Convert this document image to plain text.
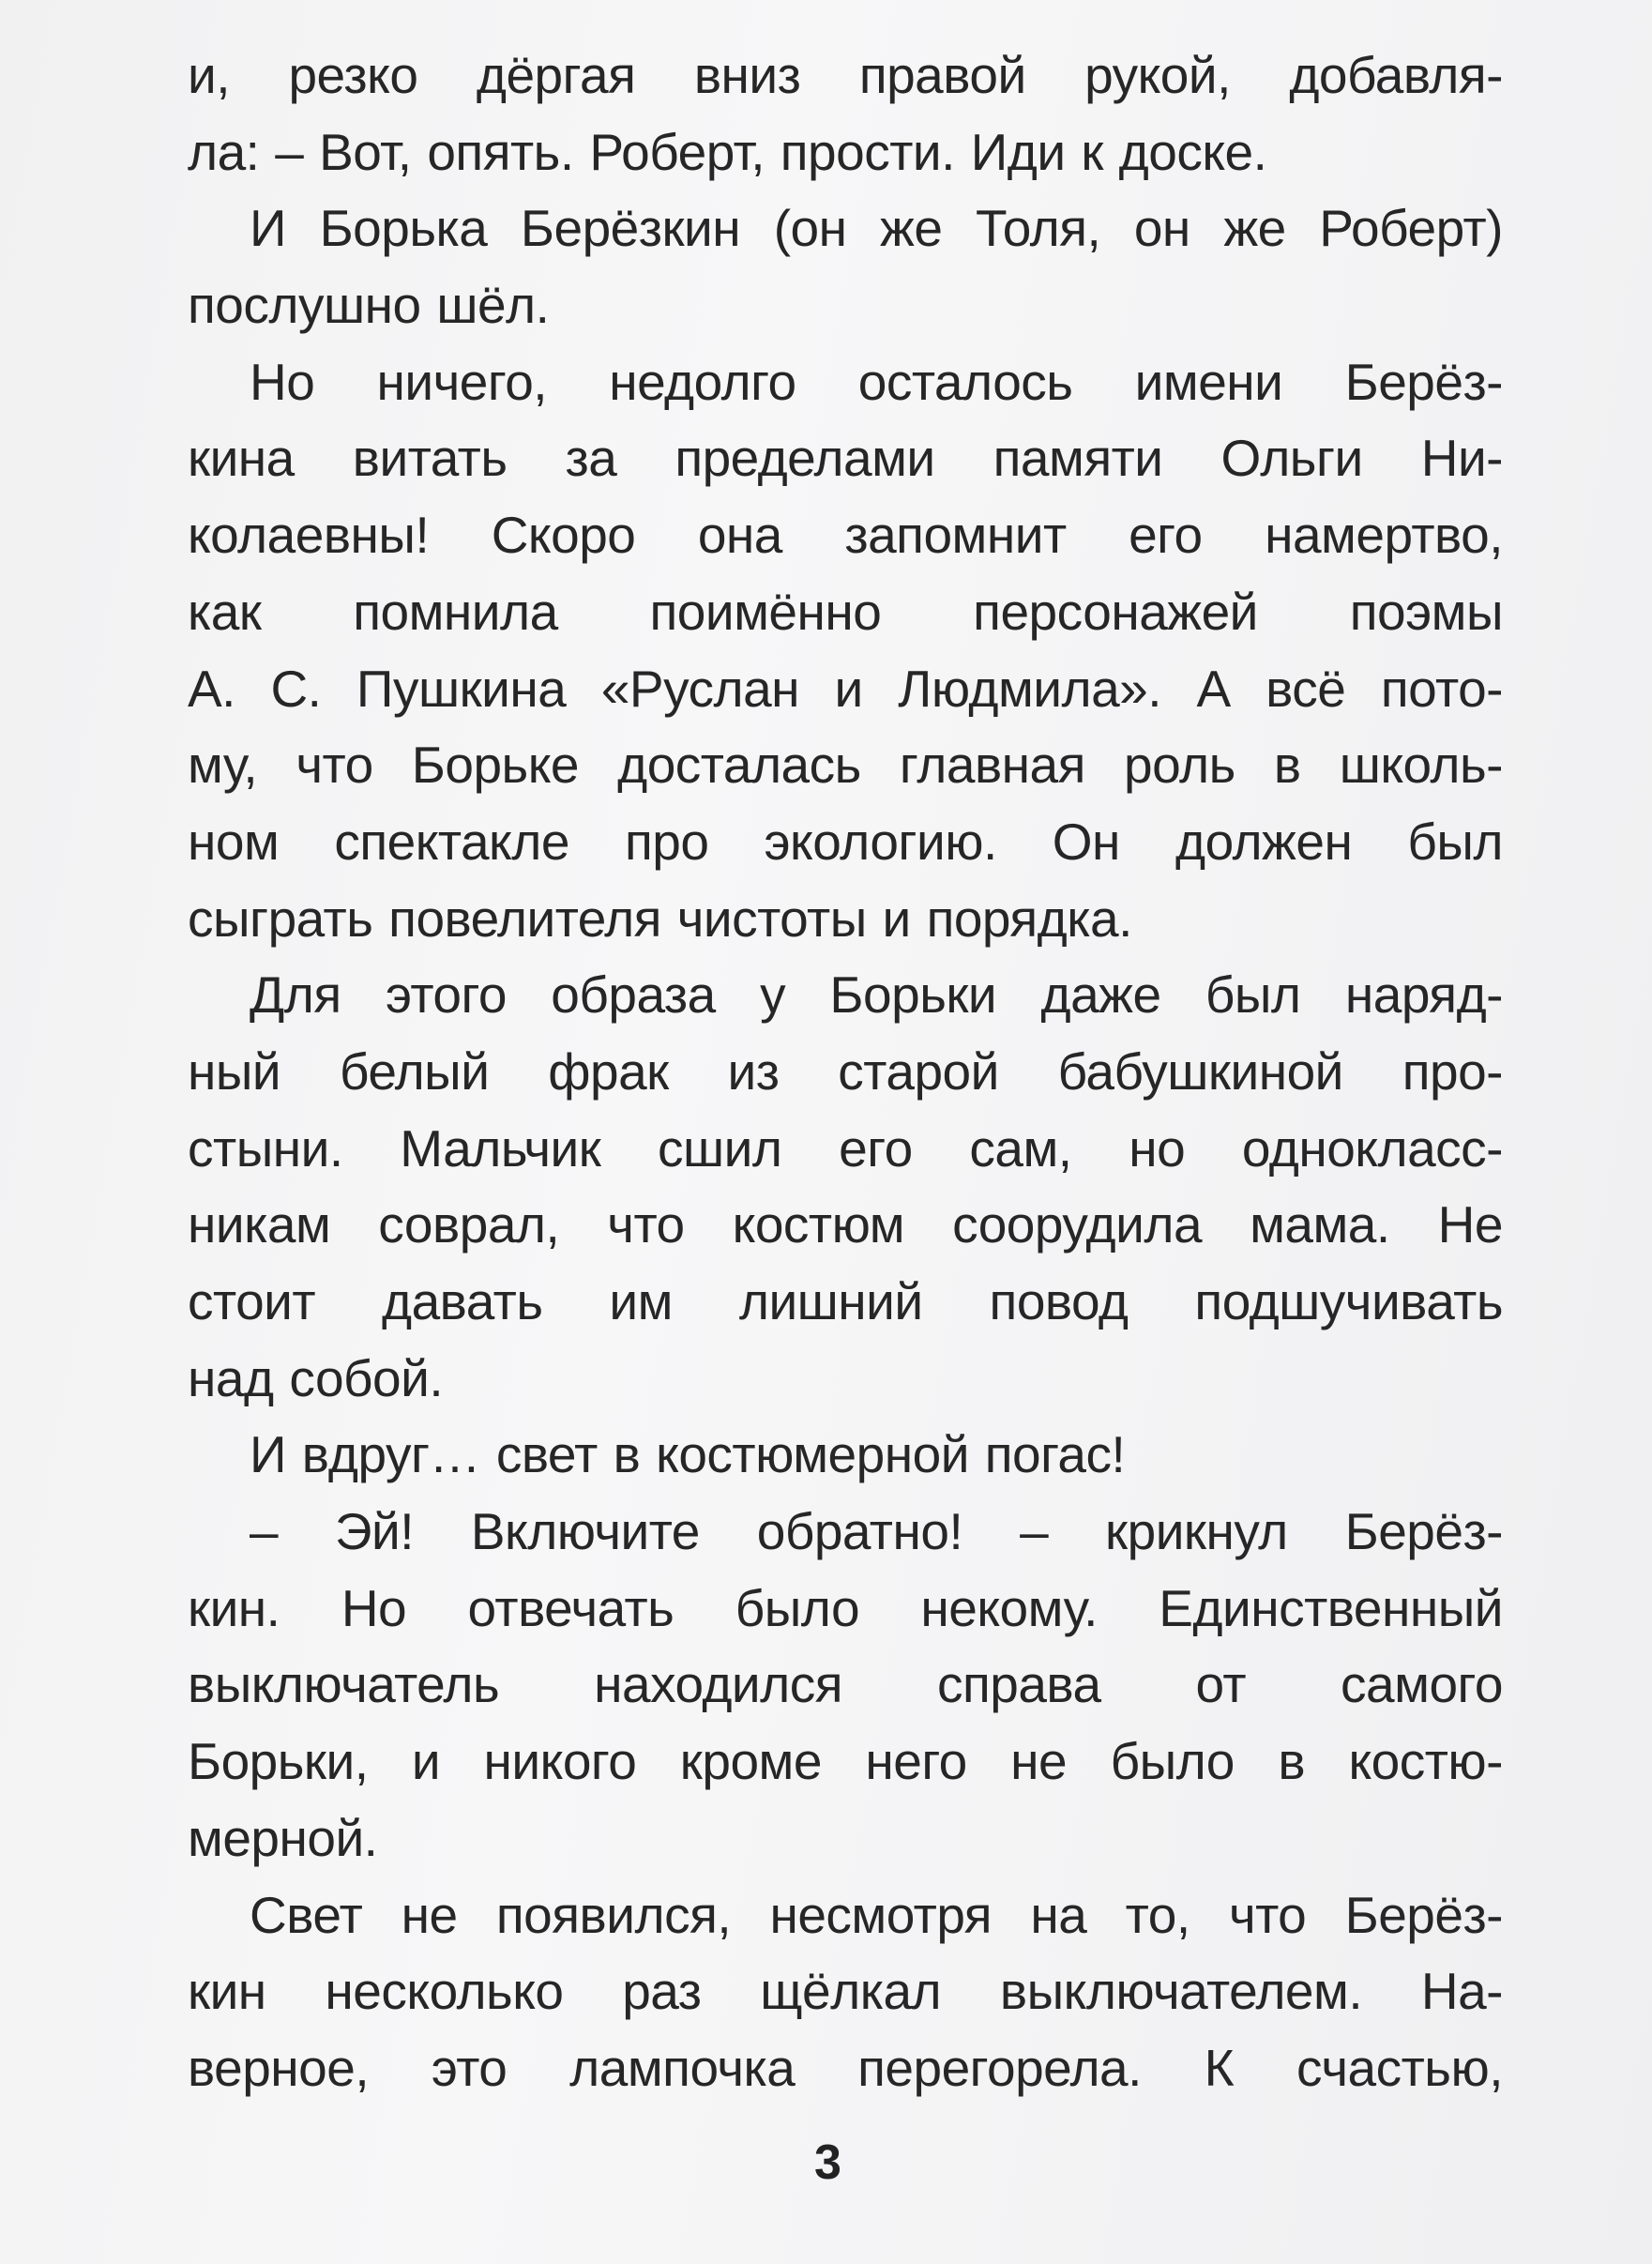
и, резко дёргая вниз правой рукой, добавля-
ла: – Вот, опять. Роберт, прости. Иди к доске.
И Борька Берёзкин (он же Толя, он же Роберт)
послушно шёл.
Но ничего, недолго осталось имени Берёз-
кина витать за пределами памяти Ольги Ни-
колаевны! Скоро она запомнит его намертво,
как помнила поимённо персонажей поэмы
А. С. Пушкина «Руслан и Людмила». А всё пото-
му, что Борьке досталась главная роль в школь-
ном спектакле про экологию. Он должен был
сыграть повелителя чистоты и порядка.
Для этого образа у Борьки даже был наряд-
ный белый фрак из старой бабушкиной про-
стыни. Мальчик сшил его сам, но однокласс-
никам соврал, что костюм соорудила мама. Не
стоит давать им лишний повод подшучивать
над собой.
И вдруг… свет в костюмерной погас!
– Эй! Включите обратно! – крикнул Берёз-
кин. Но отвечать было некому. Единственный
выключатель находился справа от самого
Борьки, и никого кроме него не было в костю-
мерной.
Свет не появился, несмотря на то, что Берёз-
кин несколько раз щёлкал выключателем. На-
верное, это лампочка перегорела. К счастью,
3
